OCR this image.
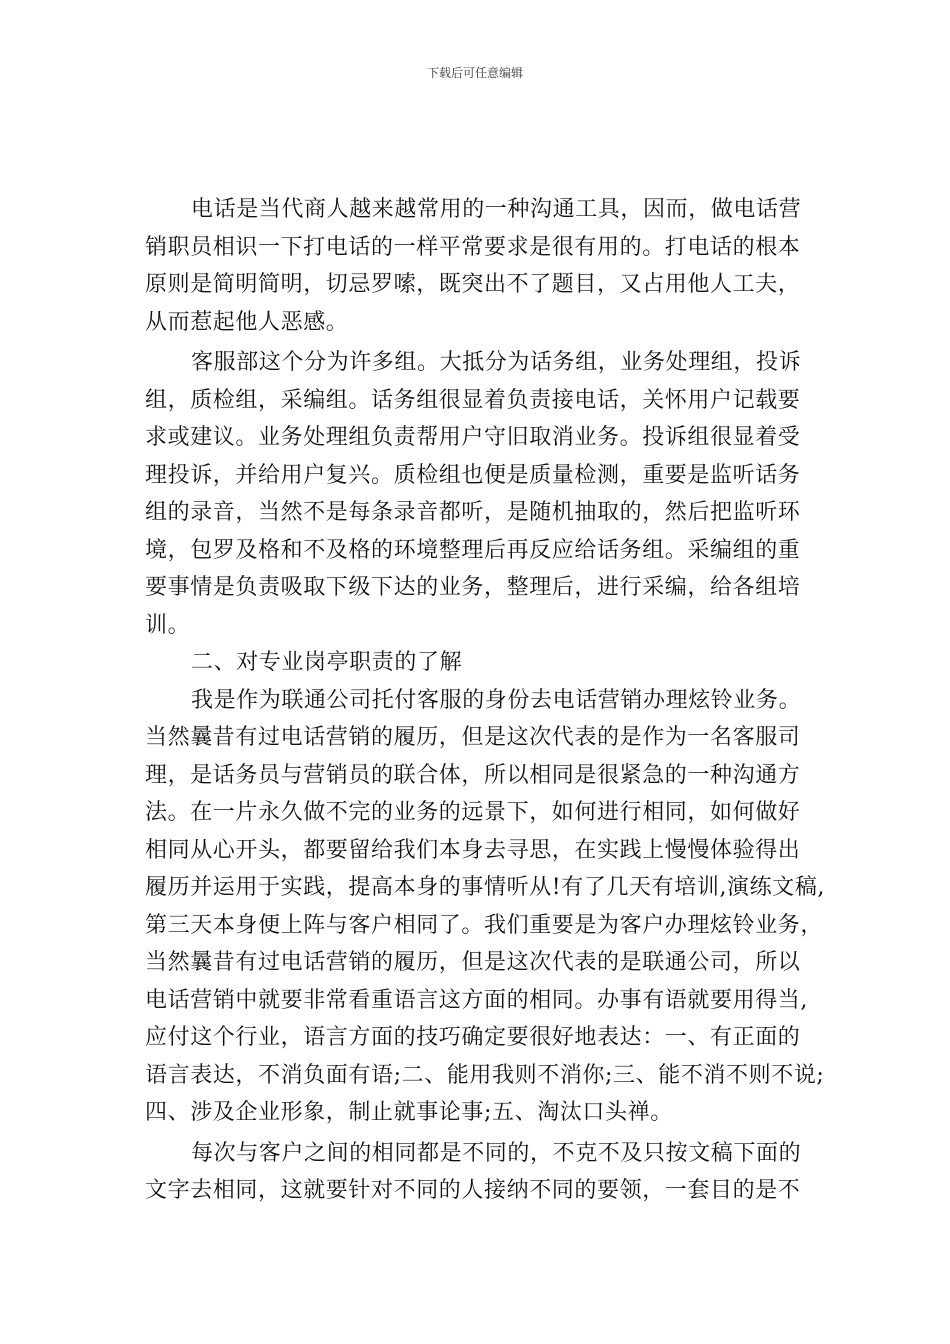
下载后可任意编辑
电话是当代商人越来越常用的一种沟通工具，因而，做电话营
销职员相识一下打电话的一样平常要求是很有用的。打电话的根本
原则是简明简明，切忌罗嗦，既突出不了题目，又占用他人工夫，
从而惹起他人恶感。
客服部这个分为许多组。大抵分为话务组，业务处理组，投诉
组，质检组，采编组。话务组很显着负责接电话，关怀用户记载要
求或建议。业务处理组负责帮用户守旧取消业务。投诉组很显着受
理投诉，并给用户复兴。质检组也便是质量检测，重要是监听话务
组的录音，当然不是每条录音都听，是随机抽取的，然后把监听环
境，包罗及格和不及格的环境整理后再反应给话务组。采编组的重
要事情是负责吸取下级下达的业务，整理后，进行采编，给各组培
训。
二、对专业岗亭职责的了解
我是作为联通公司托付客服的身份去电话营销办理炫铃业务。
当然曩昔有过电话营销的履历，但是这次代表的是作为一名客服司
理，是话务员与营销员的联合体，所以相同是很紧急的一种沟通方
法。在一片永久做不完的业务的远景下，如何进行相同，如何做好
相同从心开头，都要留给我们本身去寻思，在实践上慢慢体验得出
履历并运用于实践，提高本身的事情听从!有了几天有培训,演练文稿,
第三天本身便上阵与客户相同了。我们重要是为客户办理炫铃业务，
当然曩昔有过电话营销的履历，但是这次代表的是联通公司，所以
电话营销中就要非常看重语言这方面的相同。办事有语就要用得当,
应付这个行业，语言方面的技巧确定要很好地表达：一、有正面的
语言表达，不消负面有语;二、能用我则不消你;三、能不消不则不说;
四、涉及企业形象，制止就事论事;五、淘汰口头禅。
每次与客户之间的相同都是不同的，不克不及只按文稿下面的
文字去相同，这就要针对不同的人接纳不同的要领，一套目的是不
